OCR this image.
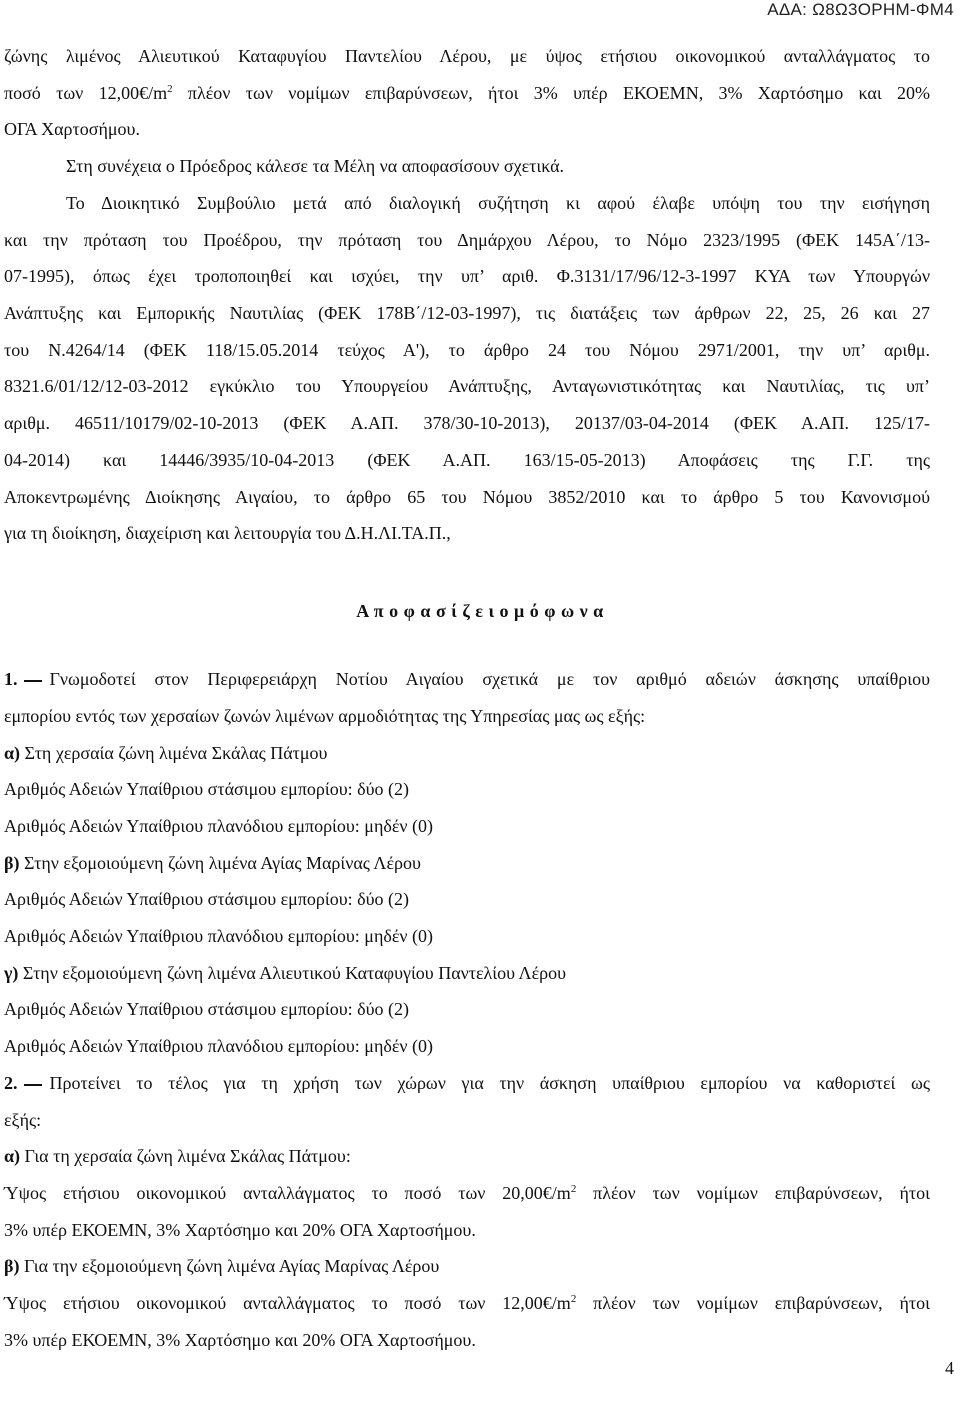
ΑΔΑ: Ω8Ω3ΟΡΗΜ-ΦΜ4
ζώνης λιμένος Αλιευτικού Καταφυγίου Παντελίου Λέρου, με ύψος ετήσιου οικονομικού ανταλλάγματος το
ποσό των $12,00€/m^2$ πλέον των νομίμων επιβαρύνσεων, ήτοι 3% υπέρ ΕΚΟΕΜΝ, 3% Χαρτόσημο και 20%
ΟΓΑ Χαρτοσήμου.
Στη συνέχεια ο Πρόεδρος κάλεσε τα Μέλη να αποφασίσουν σχετικά.
Το Διοικητικό Συμβούλιο μετά από διαλογική συζήτηση κι αφού έλαβε υπόψη του την εισήγηση
και την πρόταση του Προέδρου, την πρόταση του Δημάρχου Λέρου, το Νόμο 2323/1995 (ΦΕΚ 145Α΄/13-
07-1995), όπως έχει τροποποιηθεί και ισχύει, την υπ’ αριθ. Φ.3131/17/96/12-3-1997 ΚΥΑ των Υπουργών
Ανάπτυξης και Εμπορικής Ναυτιλίας (ΦΕΚ 178Β΄/12-03-1997), τις διατάξεις των άρθρων 22, 25, 26 και 27
του Ν.4264/14 (ΦΕΚ 118/15.05.2014 τεύχος Α'), το άρθρο 24 του Νόμου 2971/2001, την υπ’ αριθμ.
8321.6/01/12/12-03-2012 εγκύκλιο του Υπουργείου Ανάπτυξης, Ανταγωνιστικότητας και Ναυτιλίας, τις υπ’
αριθμ. 46511/10179/02-10-2013 (ΦΕΚ Α.ΑΠ. 378/30-10-2013), 20137/03-04-2014 (ΦΕΚ Α.ΑΠ. 125/17-
04-2014) και 14446/3935/10-04-2013 (ΦΕΚ Α.ΑΠ. 163/15-05-2013) Αποφάσεις της Γ.Γ. της
Αποκεντρωμένης Διοίκησης Αιγαίου, το άρθρο 65 του Νόμου 3852/2010 και το άρθρο 5 του Κανονισμού
για τη διοίκηση, διαχείριση και λειτουργία του Δ.Η.ΛΙ.ΤΑ.Π.,
Α π ο φ α σ ί ζ ε ι ο μ ό φ ω ν α
1. Γνωμοδοτεί στον Περιφερειάρχη Νοτίου Αιγαίου σχετικά με τον αριθμό αδειών άσκησης υπαίθριου
εμπορίου εντός των χερσαίων ζωνών λιμένων αρμοδιότητας της Υπηρεσίας μας ως εξής:
α) Στη χερσαία ζώνη λιμένα Σκάλας Πάτμου
Αριθμός Αδειών Υπαίθριου στάσιμου εμπορίου: δύο (2)
Αριθμός Αδειών Υπαίθριου πλανόδιου εμπορίου: μηδέν (0)
β) Στην εξομοιούμενη ζώνη λιμένα Αγίας Μαρίνας Λέρου
Αριθμός Αδειών Υπαίθριου στάσιμου εμπορίου: δύο (2)
Αριθμός Αδειών Υπαίθριου πλανόδιου εμπορίου: μηδέν (0)
γ) Στην εξομοιούμενη ζώνη λιμένα Αλιευτικού Καταφυγίου Παντελίου Λέρου
Αριθμός Αδειών Υπαίθριου στάσιμου εμπορίου: δύο (2)
Αριθμός Αδειών Υπαίθριου πλανόδιου εμπορίου: μηδέν (0)
2. Προτείνει το τέλος για τη χρήση των χώρων για την άσκηση υπαίθριου εμπορίου να καθοριστεί ως
εξής:
α) Για τη χερσαία ζώνη λιμένα Σκάλας Πάτμου:
Ύψος ετήσιου οικονομικού ανταλλάγματος το ποσό των $20,00€/m^2$ πλέον των νομίμων επιβαρύνσεων, ήτοι
3% υπέρ ΕΚΟΕΜΝ, 3% Χαρτόσημο και 20% ΟΓΑ Χαρτοσήμου.
β) Για την εξομοιούμενη ζώνη λιμένα Αγίας Μαρίνας Λέρου
Ύψος ετήσιου οικονομικού ανταλλάγματος το ποσό των $12,00€/m^2$ πλέον των νομίμων επιβαρύνσεων, ήτοι
3% υπέρ ΕΚΟΕΜΝ, 3% Χαρτόσημο και 20% ΟΓΑ Χαρτοσήμου.
4
